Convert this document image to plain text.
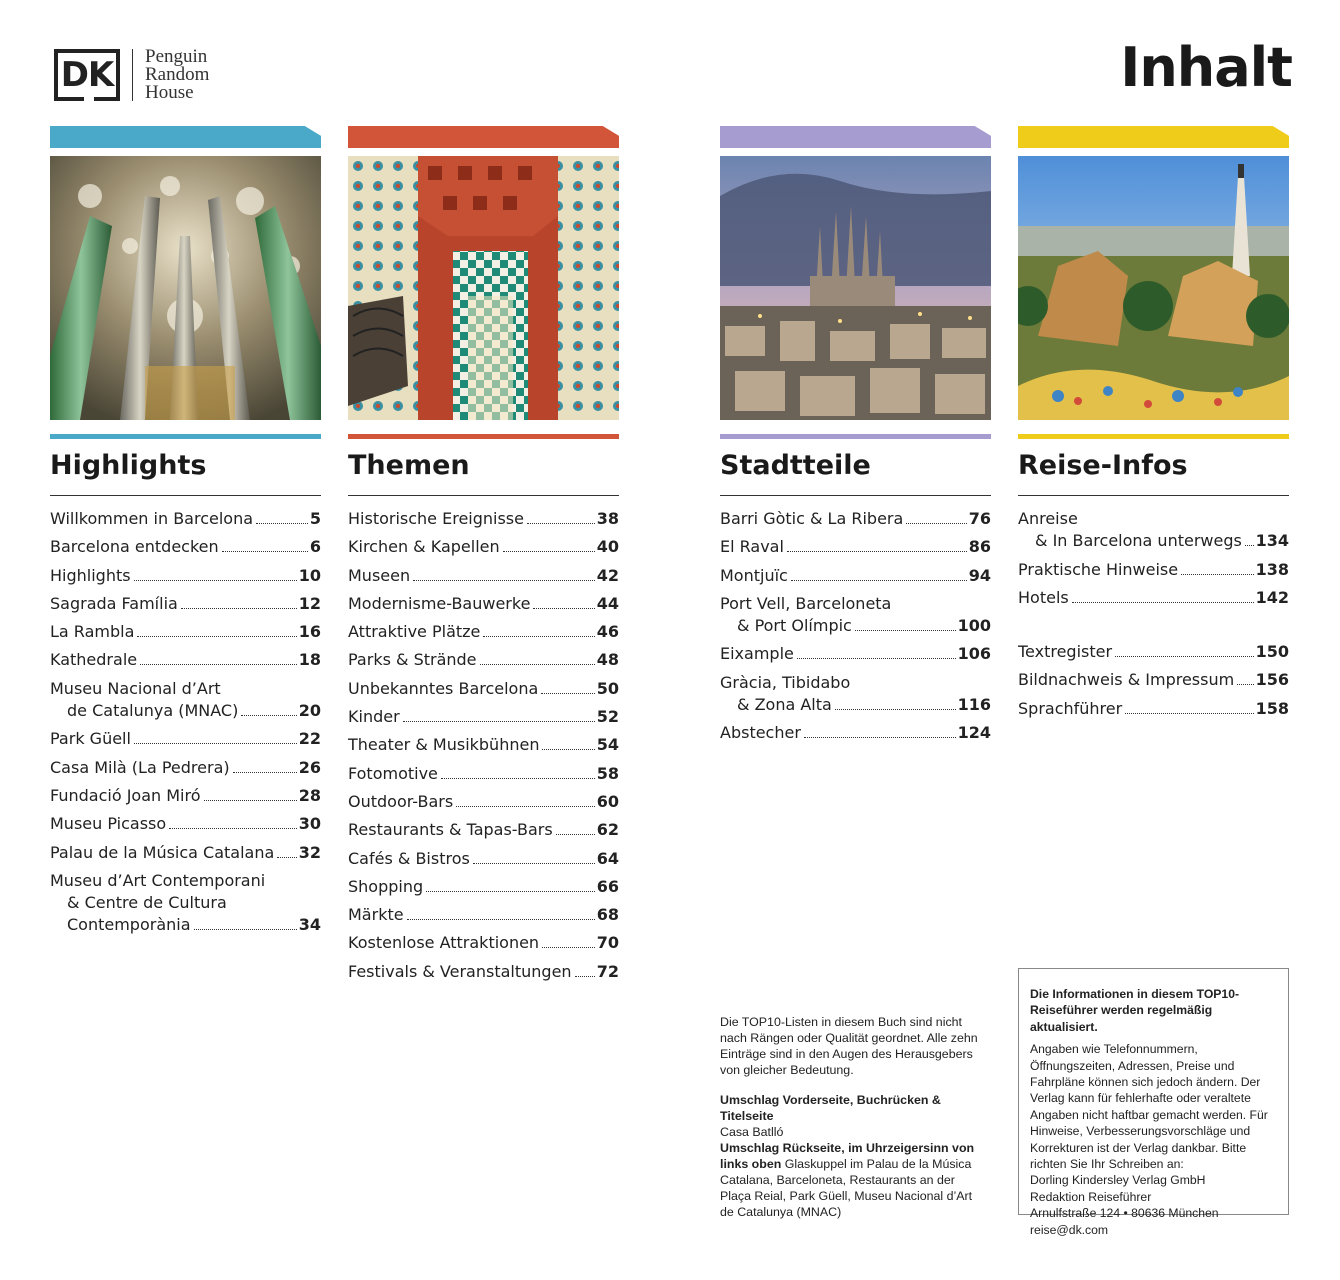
DK	Penguin
Random
House	Inhalt
Highlights
Willkommen in Barcelona	5
Barcelona entdecken	6
Highlights	10
Sagrada Família	12
La Rambla	16
Kathedrale	18
Museu Nacional d’Art
de Catalunya (MNAC)	20
Park Güell	22
Casa Milà (La Pedrera)	26
Fundació Joan Miró	28
Museu Picasso	30
Palau de la Música Catalana 32
Museu d’Art Contemporani
& Centre de Cultura
Contemporània	34
Themen
Historische Ereignisse	38
Kirchen & Kapellen	40
Museen	42
Modernisme-Bauwerke	44
Attraktive Plätze	46
Parks & Strände	48
Unbekanntes Barcelona	50
Kinder	52
Theater & Musikbühnen	54
Fotomotive	58
Outdoor-Bars	60
Restaurants & Tapas-Bars	62
Cafés & Bistros	64
Shopping	66
Märkte	68
Kostenlose Attraktionen	70
Festivals & Veranstaltungen 72
Stadtteile
Barri Gòtic & La Ribera	76
El Raval	86
Montjuïc	94
Port Vell, Barceloneta
& Port Olímpic	100
Eixample	106
Gràcia, Tibidabo
& Zona Alta	116
Abstecher	124
Reise-Infos
Anreise
& In Barcelona unterwegs 134
Praktische Hinweise	138
Hotels	142
Textregister	150
Bildnachweis & Impressum 156
Sprachführer	158
Die TOP10-Listen in diesem Buch sind nicht nach Rängen oder Qualität geordnet. Alle zehn Einträge sind in den Augen des Herausgebers von gleicher Bedeutung.
Umschlag Vorderseite, Buchrücken & Titelseite
Casa Batlló
Umschlag Rückseite, im Uhrzeigersinn von links oben Glaskuppel im Palau de la Música Catalana, Barceloneta, Restaurants an der Plaça Reial, Park Güell, Museu Nacional d’Art de Catalunya (MNAC)
Die Informationen in diesem TOP10-Reiseführer werden regelmäßig aktualisiert.
Angaben wie Telefonnummern, Öffnungszeiten, Adressen, Preise und Fahrpläne können sich jedoch ändern. Der Verlag kann für fehlerhafte oder veraltete Angaben nicht haftbar gemacht werden. Für Hinweise, Verbesserungsvorschläge und Korrekturen ist der Verlag dankbar. Bitte richten Sie Ihr Schreiben an:
Dorling Kindersley Verlag GmbH
Redaktion Reiseführer
Arnulfstraße 124 • 80636 München
reise@dk.com
